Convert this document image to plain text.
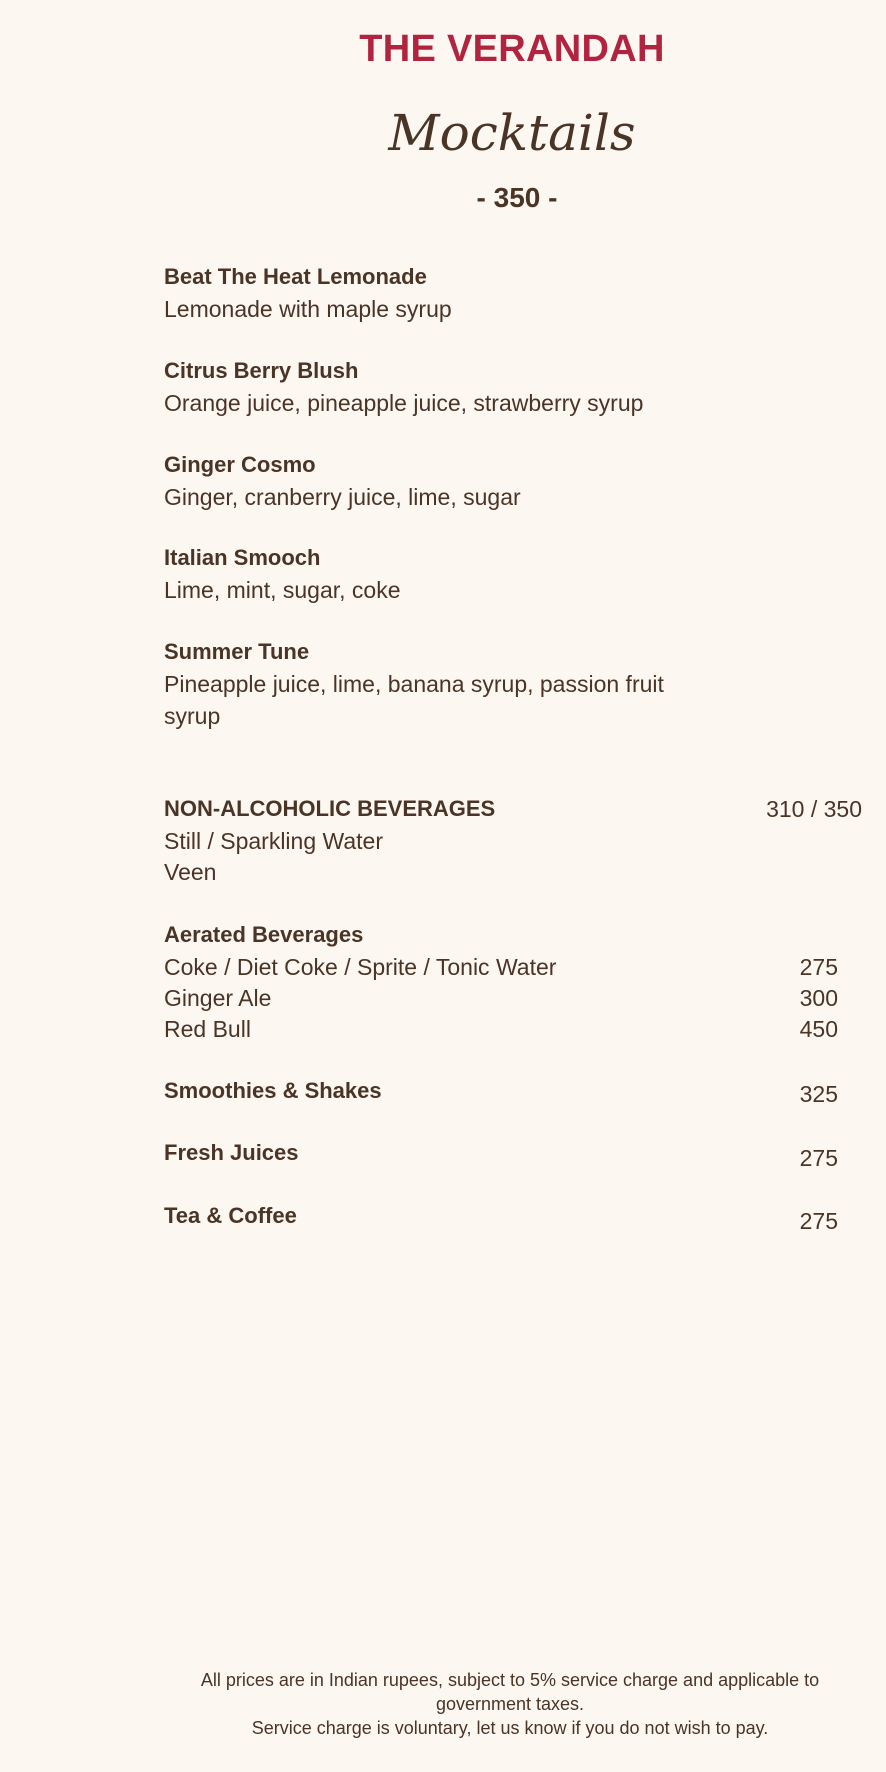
THE VERANDAH
Mocktails
- 350 -
Beat The Heat Lemonade
Lemonade with maple syrup
Citrus Berry Blush
Orange juice, pineapple juice, strawberry syrup
Ginger Cosmo
Ginger, cranberry juice, lime, sugar
Italian Smooch
Lime, mint, sugar, coke
Summer Tune
Pineapple juice, lime, banana syrup, passion fruit syrup
NON-ALCOHOLIC BEVERAGES	310 / 350
Still / Sparkling Water
Veen
Aerated Beverages
Coke / Diet Coke / Sprite / Tonic Water	275
Ginger Ale	300
Red Bull	450
Smoothies & Shakes	325
Fresh Juices	275
Tea & Coffee	275
All prices are in Indian rupees, subject to 5% service charge and applicable to government taxes.
Service charge is voluntary, let us know if you do not wish to pay.
